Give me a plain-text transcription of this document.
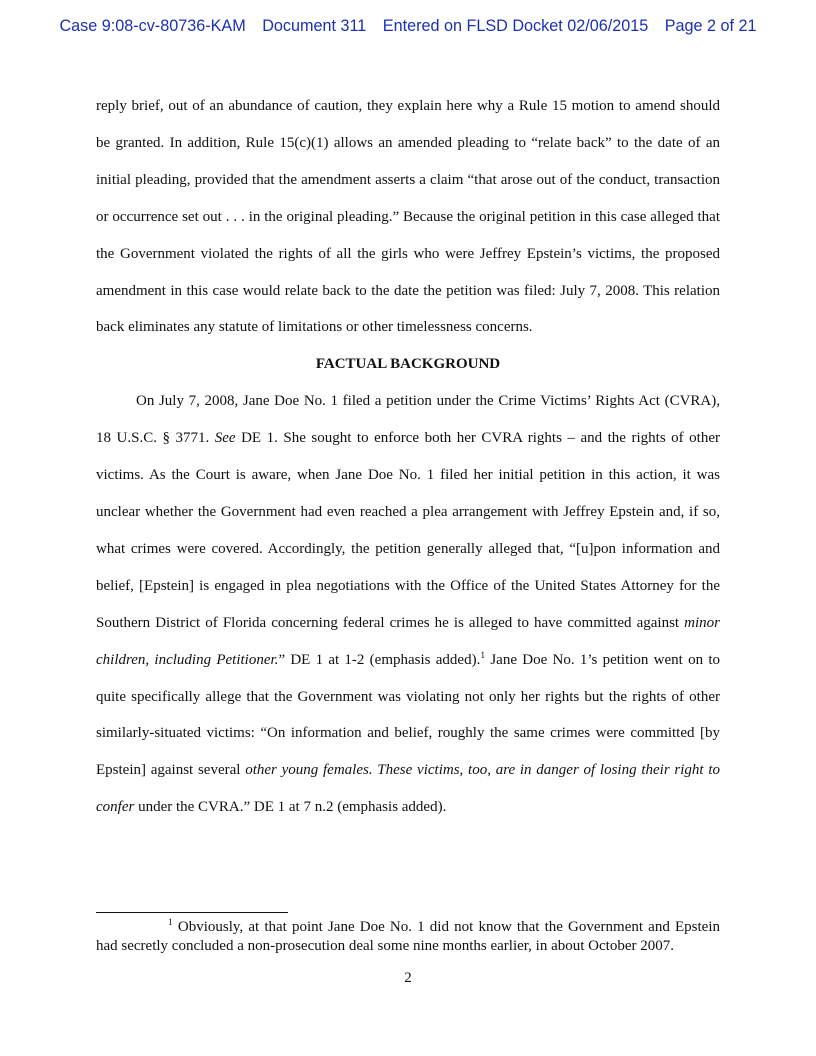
Case 9:08-cv-80736-KAM Document 311 Entered on FLSD Docket 02/06/2015 Page 2 of 21

reply brief, out of an abundance of caution, they explain here why a Rule 15 motion to amend should be granted. In addition, Rule 15(c)(1) allows an amended pleading to “relate back” to the date of an initial pleading, provided that the amendment asserts a claim “that arose out of the conduct, transaction or occurrence set out . . . in the original pleading.” Because the original petition in this case alleged that the Government violated the rights of all the girls who were Jeffrey Epstein’s victims, the proposed amendment in this case would relate back to the date the petition was filed: July 7, 2008. This relation back eliminates any statute of limitations or other timelessness concerns.

FACTUAL BACKGROUND

On July 7, 2008, Jane Doe No. 1 filed a petition under the Crime Victims’ Rights Act (CVRA), 18 U.S.C. § 3771. See DE 1. She sought to enforce both her CVRA rights – and the rights of other victims. As the Court is aware, when Jane Doe No. 1 filed her initial petition in this action, it was unclear whether the Government had even reached a plea arrangement with Jeffrey Epstein and, if so, what crimes were covered. Accordingly, the petition generally alleged that, “[u]pon information and belief, [Epstein] is engaged in plea negotiations with the Office of the United States Attorney for the Southern District of Florida concerning federal crimes he is alleged to have committed against minor children, including Petitioner.” DE 1 at 1-2 (emphasis added).$^1$ Jane Doe No. 1’s petition went on to quite specifically allege that the Government was violating not only her rights but the rights of other similarly-situated victims: “On information and belief, roughly the same crimes were committed [by Epstein] against several other young females. These victims, too, are in danger of losing their right to confer under the CVRA.” DE 1 at 7 n.2 (emphasis added).

$^1$ Obviously, at that point Jane Doe No. 1 did not know that the Government and Epstein had secretly concluded a non-prosecution deal some nine months earlier, in about October 2007.

2
